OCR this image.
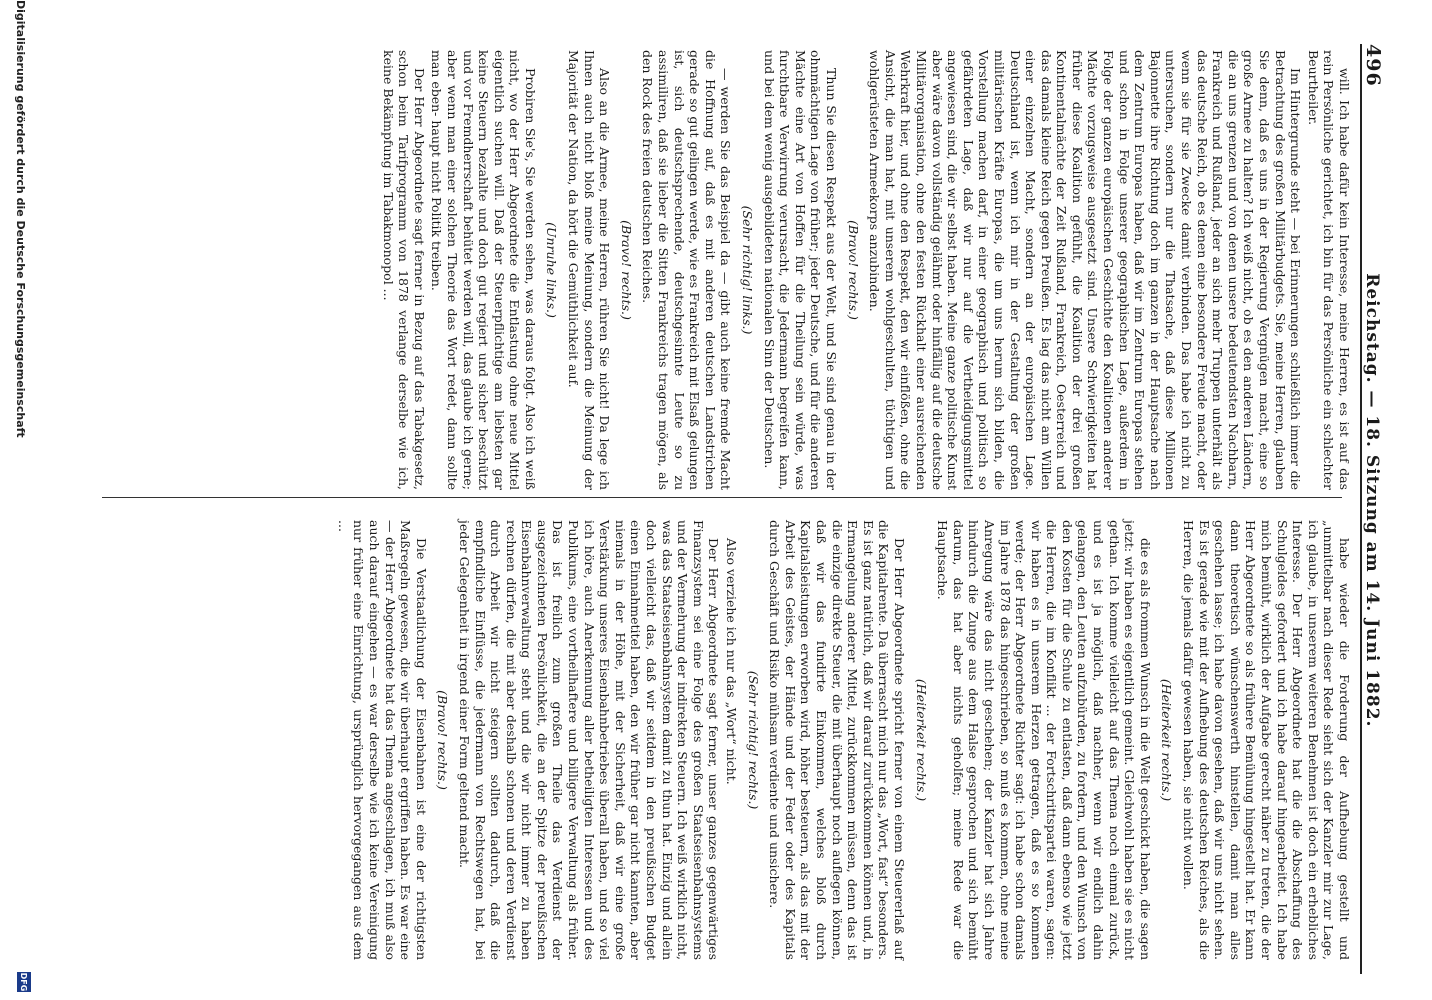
496
Reichstag. — 18. Sitzung am 14. Juni 1882.

will. Ich habe dafür kein Interesse, meine Herren, es ist auf das rein Persönliche gerichtet, ich bin für das Persönliche ein schlechter Beurtheiler.

Im Hintergrunde steht — bei Erinnerungen schließlich immer die Betrachtung des großen Militärbudgets. Sie, meine Herren, glauben Sie denn, daß es uns in der Regierung Vergnügen macht, eine so große Armee zu halten? Ich weiß nicht, ob es den anderen Ländern, die an uns grenzen und von denen unsere bedeutendsten Nachbarn, Frankreich und Rußland, jeder an sich mehr Truppen unterhält als das deutsche Reich, ob es denen eine besondere Freude macht, oder wenn sie für sie Zwecke damit verbinden. Das habe ich nicht zu untersuchen, sondern nur die Thatsache, daß diese Millionen Bajonnette ihre Richtung doch im ganzen in der Hauptsache nach dem Zentrum Europas haben, daß wir im Zentrum Europas stehen und schon in Folge unserer geographischen Lage, außerdem in Folge der ganzen europäischen Geschichte den Koalitionen anderer Mächte vorzugsweise ausgesetzt sind. Unsere Schwierigkeiten hat früher diese Koalition gefühlt, die Koalition der drei großen Kontinentalmächte der Zeit Rußland, Frankreich, Oesterreich und das damals kleine Reich gegen Preußen. Es lag das nicht am Willen einer einzelnen Macht, sondern an der europäischen Lage. Deutschland ist, wenn ich mir in der Gestaltung der großen militärischen Kräfte Europas, die um uns herum sich bilden, die Vorstellung machen darf, in einer geographisch und politisch so gefährdeten Lage, daß wir nur auf die Vertheidigungsmittel angewiesen sind, die wir selbst haben. Meine ganze politische Kunst aber wäre davon vollständig gelähmt oder hinfällig auf die deutsche Militärorganisation, ohne den festen Rückhalt einer ausreichenden Wehrkraft hier, und ohne den Respekt, den wir einflößen, ohne die Ansicht, die man hat, mit unserem wohlgeschulten, tüchtigen und wohlgerüsteten Armeekorps anzubinden.

(Bravo! rechts.)

Thun Sie diesen Respekt aus der Welt, und Sie sind genau in der ohnmächtigen Lage von früher; jeder Deutsche, und für die anderen Mächte eine Art von Hoffen für die Theilung sein würde, was furchtbare Verwirrung verursacht, die Jedermann begreifen kann, und bei dem wenig ausgebildeten nationalen Sinn der Deutschen.

(Sehr richtig! links.)

— werden Sie das Beispiel da — gibt auch keine fremde Macht die Hoffnung auf, daß es mit anderen deutschen Landstrichen gerade so gut gelingen werde, wie es Frankreich mit Elsaß gelungen ist, sich deutschsprechende, deutschgesinnte Leute so zu assimiliren, daß sie lieber die Sitten Frankreichs tragen mögen, als den Rock des freien deutschen Reiches.

(Bravo! rechts.)

Also an die Armee, meine Herren, rühren Sie nicht! Da lege ich Ihnen auch nicht bloß meine Meinung, sondern die Meinung der Majorität der Nation, da hört die Gemüthlichkeit auf.

(Unruhe links.)

Probiren Sie's, Sie werden sehen, was daraus folgt. Also ich weiß nicht, wo der Herr Abgeordnete die Entlastung ohne neue Mittel eigentlich suchen will. Daß der Steuerpflichtige am liebsten gar keine Steuern bezahlte und doch gut regiert und sicher beschützt und vor Fremdherrschaft behütet werden will, das glaube ich gerne; aber wenn man einer solchen Theorie das Wort redet, dann sollte man eben- haupt nicht Politik treiben.

Der Herr Abgeordnete sagt ferner in Bezug auf das Tabakgesetz, schon beim Tarifprogramm von 1878 verlange derselbe wie ich, keine Bekämpfung im Tabakmonopol ...

habe wieder die Forderung der Aufhebung gestellt und „unmittelbar nach dieser Rede sieht sich der Kanzler mir zur Lage, ich glaube, in unserem weiteren Benehmen ist doch ein erhebliches Interesse. Der Herr Abgeordnete hat die die Abschaffung des Schulgeldes gefordert und ich habe darauf hingearbeitet. Ich habe mich bemüht, wirklich der Aufgabe gerecht näher zu treten, die der Herr Abgeordnete so als frühere Bemühung hingestellt hat. Er kann dann theoretisch wünschenswerth hinstellen, damit man alles geschehen lasse; ich habe davon gesehen, daß wir uns nicht sehen. Es ist gerade wie mit der Aufhebung des deutschen Reiches, als die Herren, die jemals dafür gewesen haben, sie nicht wollen.

(Heiterkeit rechts.)

die es als frommen Wunsch in die Welt geschickt haben, die sagen jetzt: wir haben es eigentlich gemeint. Gleichwohl haben sie es nicht gethan. Ich komme vielleicht auf das Thema noch einmal zurück, und es ist ja möglich, daß nachher, wenn wir endlich dahin gelangen, den Leuten aufzubürden, zu fordern, und den Wunsch von den Kosten für die Schule zu entlasten, daß dann ebenso wie jetzt die Herren, die im Konflikt ... der Fortschrittspartei waren, sagen: wir haben es in unserem Herzen getragen, daß es so kommen werde; der Herr Abgeordnete Richter sagt: ich habe schon damals im Jahre 1878 das hingeschrieben, so muß es kommen, ohne meine Anregung wäre das nicht geschehen; der Kanzler hat sich Jahre hindurch die Zunge aus dem Halse gesprochen und sich bemüht darum, das hat aber nichts geholfen; meine Rede war die Hauptsache.

(Heiterkeit rechts.)

Der Herr Abgeordnete spricht ferner von einem Steuererlaß auf die Kapitalrente. Da überrascht mich nur das „Wort, fast“ besonders. Es ist ganz natürlich, daß wir darauf zurückkommen können und, in Ermangelung anderer Mittel, zurückkommen müssen, denn das ist die einzige direkte Steuer, die mit überhaupt noch auflegen können, daß wir das fundirte Einkommen, welches bloß durch Kapitalsleistungen erworben wird, höher besteuern, als das mit der Arbeit des Geistes, der Hände und der Feder oder des Kapitals durch Geschäft und Risiko mühsam verdiente und unsichere.

(Sehr richtig! rechts.)

Also verziehe ich nur das „Wort“ nicht.

Der Herr Abgeordnete sagt ferner, unser ganzes gegenwärtiges Finanzsystem sei eine Folge des großen Staatseisenbahnsystems und der Vermehrung der indirekten Steuern. Ich weiß wirklich nicht, was das Staatseisenbahnsystem damit zu thun hat. Einzig und allein doch vielleicht das, daß wir seitdem in den preußischen Budget einen Einnahmetitel haben, den wir früher gar nicht kannten, aber niemals in der Höhe, mit der Sicherheit, daß wir eine große Verstärkung unseres Eisenbahnbetriebes überall haben, und so viel ich höre, auch Anerkennung aller betheiligten Interessen und des Publikums, eine vortheilhaftere und billigere Verwaltung als früher. Das ist freilich zum großen Theile das Verdienst der ausgezeichneten Persönlichkeit, die an der Spitze der preußischen Eisenbahnverwaltung steht und die wir nicht immer zu haben rechnen dürfen, die mit aber deshalb schonen und deren Verdienst durch Arbeit wir nicht steigern sollten dadurch, daß die empfindliche Einflüsse, die jedermann von Rechtswegen hat, bei jeder Gelegenheit in irgend einer Form geltend macht.

(Bravo! rechts.)

Die Verstaatlichung der Eisenbahnen ist eine der richtigsten Maßregeln gewesen, die wir überhaupt ergriffen haben. Es war eine — der Herr Abgeordnete hat das Thema angeschlagen, ich muß also auch darauf eingehen — es war derselbe wie ich keine Vereinigung nur früher eine Einrichtung, ursprünglich hervorgegangen aus dem ...

Digitalisierung gefördert durch die Deutsche Forschungsgemeinschaft
DFG
